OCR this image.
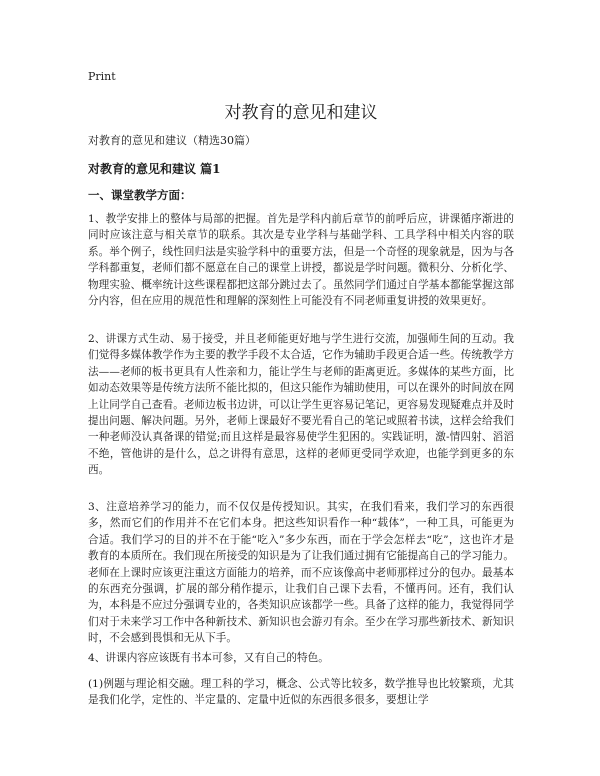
Print
对教育的意见和建议

对教育的意见和建议（精选30篇）

对教育的意见和建议 篇1

一、课堂教学方面：

1、教学安排上的整体与局部的把握。首先是学科内前后章节的前呼后应，讲课循序渐进的同时应该注意与相关章节的联系。其次是专业学科与基础学科、工具学科中相关内容的联系。举个例子，线性回归法是实验学科中的重要方法，但是一个奇怪的现象就是，因为与各学科都重复，老师们都不愿意在自己的课堂上讲授，都说是学时问题。微积分、分析化学、物理实验、概率统计这些课程都把这部分跳过去了。虽然同学们通过自学基本都能掌握这部分内容，但在应用的规范性和理解的深刻性上可能没有不同老师重复讲授的效果更好。

2、讲课方式生动、易于接受，并且老师能更好地与学生进行交流，加强师生间的互动。我们觉得多媒体教学作为主要的教学手段不太合适，它作为辅助手段更合适一些。传统教学方法——老师的板书更具有人性亲和力，能让学生与老师的距离更近。多媒体的某些方面，比如动态效果等是传统方法所不能比拟的，但这只能作为辅助使用，可以在课外的时间放在网上让同学自己查看。老师边板书边讲，可以让学生更容易记笔记，更容易发现疑难点并及时提出问题、解决问题。另外，老师上课最好不要光看自己的笔记或照着书读，这样会给我们一种老师没认真备课的错觉;而且这样是最容易使学生犯困的。实践证明，激-情四射、滔滔不绝，管他讲的是什么，总之讲得有意思，这样的老师更受同学欢迎，也能学到更多的东西。

3、注意培养学习的能力，而不仅仅是传授知识。其实，在我们看来，我们学习的东西很多，然而它们的作用并不在它们本身。把这些知识看作一种“载体”，一种工具，可能更为合适。我们学习的目的并不在于能“吃入”多少东西，而在于学会怎样去“吃”，这也许才是教育的本质所在。我们现在所接受的知识是为了让我们通过拥有它能提高自己的学习能力。老师在上课时应该更注重这方面能力的培养，而不应该像高中老师那样过分的包办。最基本的东西充分强调，扩展的部分稍作提示，让我们自己课下去看，不懂再问。还有，我们认为，本科是不应过分强调专业的，各类知识应该都学一些。具备了这样的能力，我觉得同学们对于未来学习工作中各种新技术、新知识也会游刃有余。至少在学习那些新技术、新知识时，不会感到畏惧和无从下手。

4、讲课内容应该既有书本可参，又有自己的特色。

(1)例题与理论相交融。理工科的学习，概念、公式等比较多，数学推导也比较繁琐，尤其是我们化学，定性的、半定量的、定量中近似的东西很多很多，要想让学
